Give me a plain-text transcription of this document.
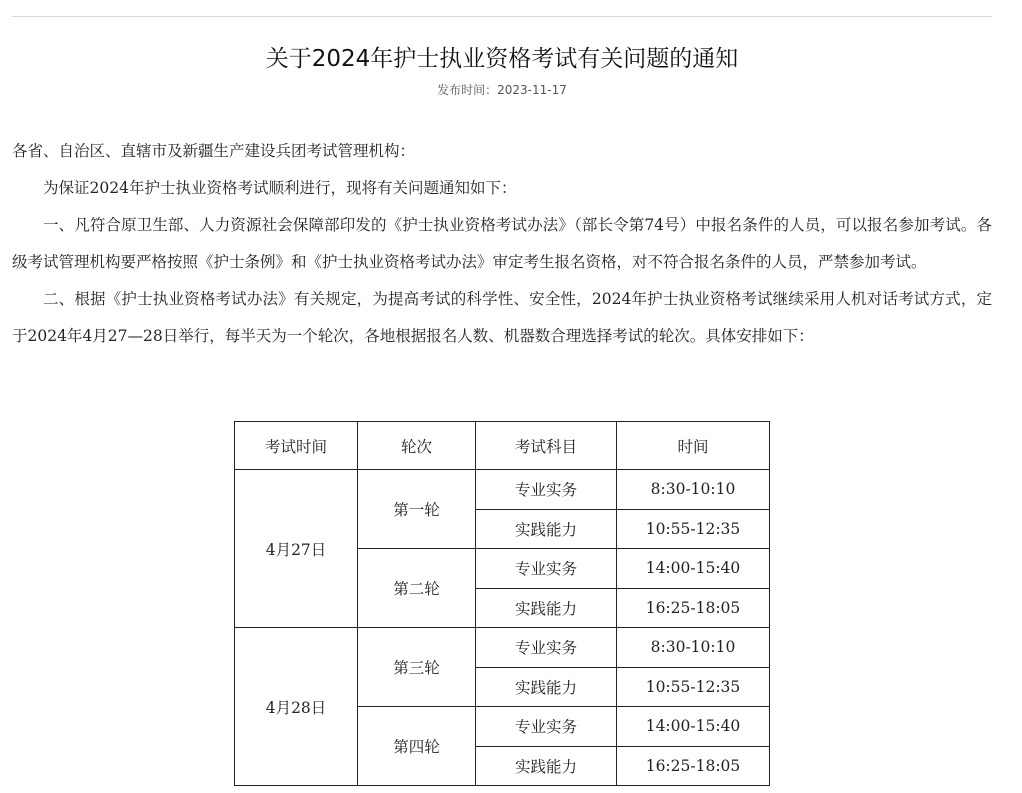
关于2024年护士执业资格考试有关问题的通知
发布时间：2023-11-17

各省、自治区、直辖市及新疆生产建设兵团考试管理机构：

为保证2024年护士执业资格考试顺利进行，现将有关问题通知如下：

一、凡符合原卫生部、人力资源社会保障部印发的《护士执业资格考试办法》（部长令第74号）中报名条件的人员，可以报名参加考试。各级考试管理机构要严格按照《护士条例》和《护士执业资格考试办法》审定考生报名资格，对不符合报名条件的人员，严禁参加考试。

二、根据《护士执业资格考试办法》有关规定，为提高考试的科学性、安全性，2024年护士执业资格考试继续采用人机对话考试方式，定于2024年4月27—28日举行，每半天为一个轮次，各地根据报名人数、机器数合理选择考试的轮次。具体安排如下：

考试时间	轮次	考试科目	时间
4月27日	第一轮	专业实务	8:30-10:10
		实践能力	10:55-12:35
	第二轮	专业实务	14:00-15:40
		实践能力	16:25-18:05
4月28日	第三轮	专业实务	8:30-10:10
		实践能力	10:55-12:35
	第四轮	专业实务	14:00-15:40
		实践能力	16:25-18:05
